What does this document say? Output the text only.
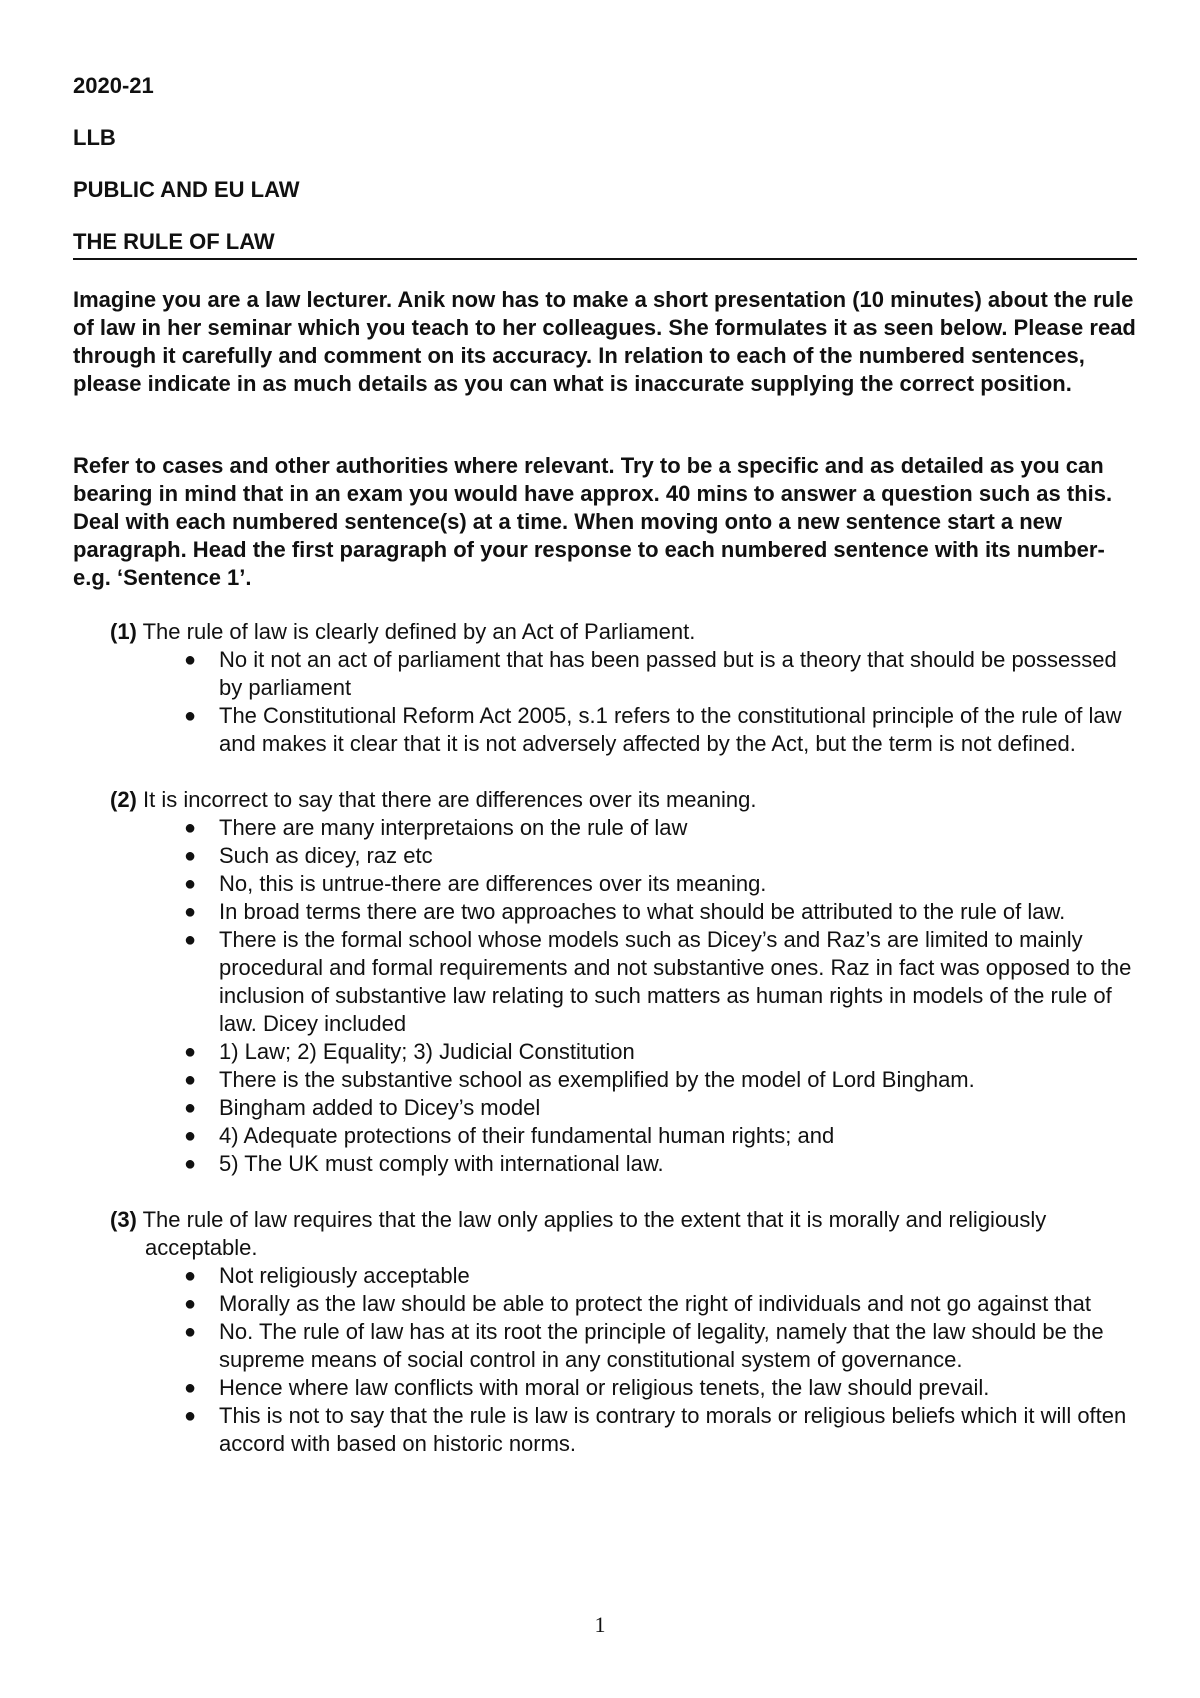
2020-21

LLB

PUBLIC AND EU LAW

THE RULE OF LAW

Imagine you are a law lecturer. Anik now has to make a short presentation (10 minutes) about the rule of law in her seminar which you teach to her colleagues. She formulates it as seen below. Please read through it carefully and comment on its accuracy. In relation to each of the numbered sentences, please indicate in as much details as you can what is inaccurate supplying the correct position.

Refer to cases and other authorities where relevant. Try to be a specific and as detailed as you can bearing in mind that in an exam you would have approx. 40 mins to answer a question such as this. Deal with each numbered sentence(s) at a time. When moving onto a new sentence start a new paragraph. Head the first paragraph of your response to each numbered sentence with its number- e.g. ‘Sentence 1’.

(1) The rule of law is clearly defined by an Act of Parliament.

● No it not an act of parliament that has been passed but is a theory that should be possessed by parliament
● The Constitutional Reform Act 2005, s.1 refers to the constitutional principle of the rule of law and makes it clear that it is not adversely affected by the Act, but the term is not defined.

(2) It is incorrect to say that there are differences over its meaning.

● There are many interpretaions on the rule of law
● Such as dicey, raz etc
● No, this is untrue-there are differences over its meaning.
● In broad terms there are two approaches to what should be attributed to the rule of law.
● There is the formal school whose models such as Dicey’s and Raz’s are limited to mainly procedural and formal requirements and not substantive ones. Raz in fact was opposed to the inclusion of substantive law relating to such matters as human rights in models of the rule of law. Dicey included
● 1) Law; 2) Equality; 3) Judicial Constitution
● There is the substantive school as exemplified by the model of Lord Bingham.
● Bingham added to Dicey’s model
● 4) Adequate protections of their fundamental human rights; and
● 5) The UK must comply with international law.

(3) The rule of law requires that the law only applies to the extent that it is morally and religiously acceptable.

● Not religiously acceptable
● Morally as the law should be able to protect the right of individuals and not go against that
● No. The rule of law has at its root the principle of legality, namely that the law should be the supreme means of social control in any constitutional system of governance.
● Hence where law conflicts with moral or religious tenets, the law should prevail.
● This is not to say that the rule is law is contrary to morals or religious beliefs which it will often accord with based on historic norms.
1
